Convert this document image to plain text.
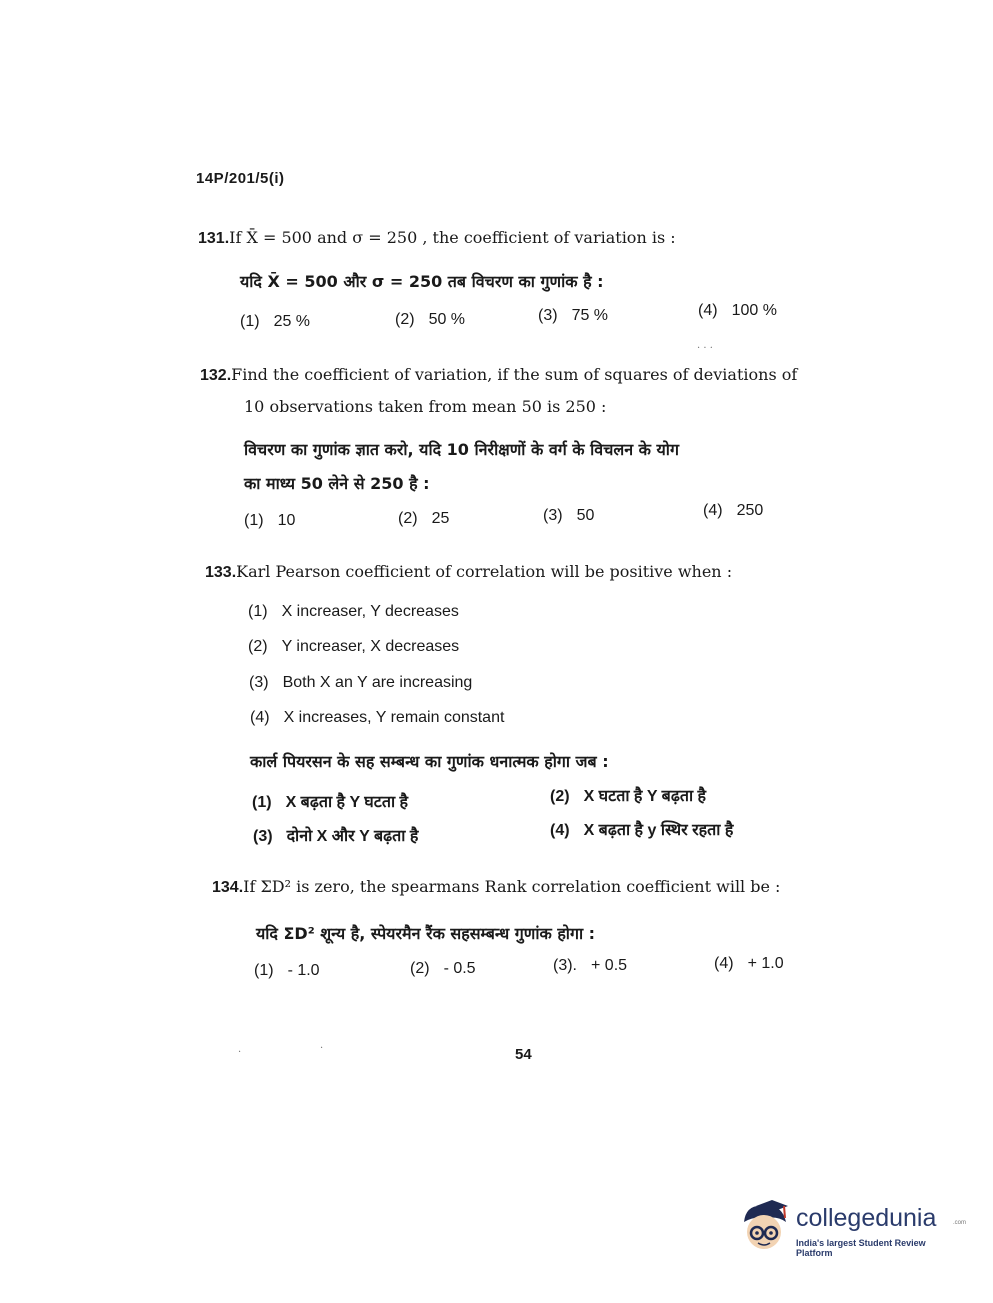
14P/201/5(i)
131.If X̄ = 500 and σ = 250 , the coefficient of variation is :
यदि X̄ = 500 और σ = 250 तब विचरण का गुणांक है :
(1) 25 %	(2) 50 %	(3) 75 %	(4) 100 %
132.Find the coefficient of variation, if the sum of squares of deviations of
10 observations taken from mean 50 is 250 :
विचरण का गुणांक ज्ञात करो, यदि 10 निरीक्षणों के वर्ग के विचलन के योग
का माध्य 50 लेने से 250 है :
(1) 10	(2) 25	(3) 50	(4) 250
133.Karl Pearson coefficient of correlation will be positive when :
(1) X increaser, Y decreases
(2) Y increaser, X decreases
(3) Both X an Y are increasing
(4) X increases, Y remain constant
कार्ल पियरसन के सह सम्बन्ध का गुणांक धनात्मक होगा जब :
(1) X बढ़ता है Y घटता है	(2) X घटता है Y बढ़ता है
(3) दोनो X और Y बढ़ता है	(4) X बढ़ता है y स्थिर रहता है
134.If ΣD² is zero, the spearmans Rank correlation coefficient will be :
यदि ΣD² शून्य है, स्पेयरमैन रैंक सहसम्बन्ध गुणांक होगा :
(1) - 1.0	(2) - 0.5	(3). + 0.5	(4) + 1.0
· · ·
·
·	54
collegedunia	.com
India's largest Student Review Platform
